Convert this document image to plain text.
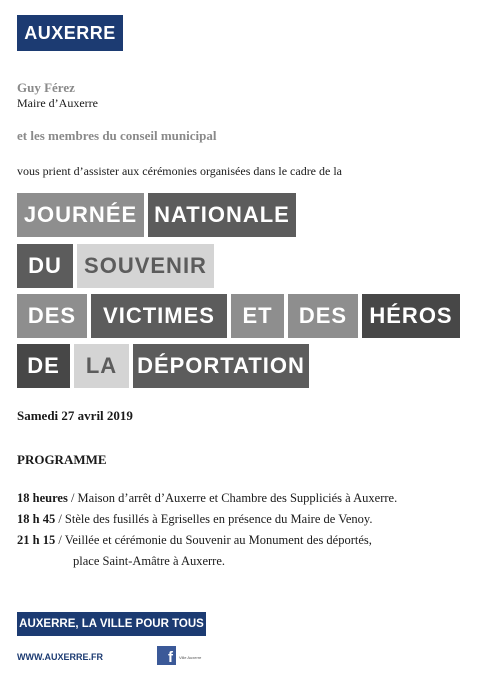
AUXERRE
Guy Férez
Maire d’Auxerre
et les membres du conseil municipal
vous prient d’assister aux cérémonies organisées dans le cadre de la
JOURNÉE NATIONALE
DU	SOUVENIR
DES	VICTIMES	ET	DES	HÉROS
DE	LA DÉPORTATION
Samedi 27 avril 2019
PROGRAMME
18 heures / Maison d’arrêt d’Auxerre et Chambre des Suppliciés à Auxerre.
18 h 45 / Stèle des fusillés à Egriselles en présence du Maire de Venoy.
21 h 15 / Veillée et cérémonie du Souvenir au Monument des déportés,
place Saint-Amâtre à Auxerre.
AUXERRE, LA VILLE POUR TOUS
WWW.AUXERRE.FR	f	Ville Auxerre
